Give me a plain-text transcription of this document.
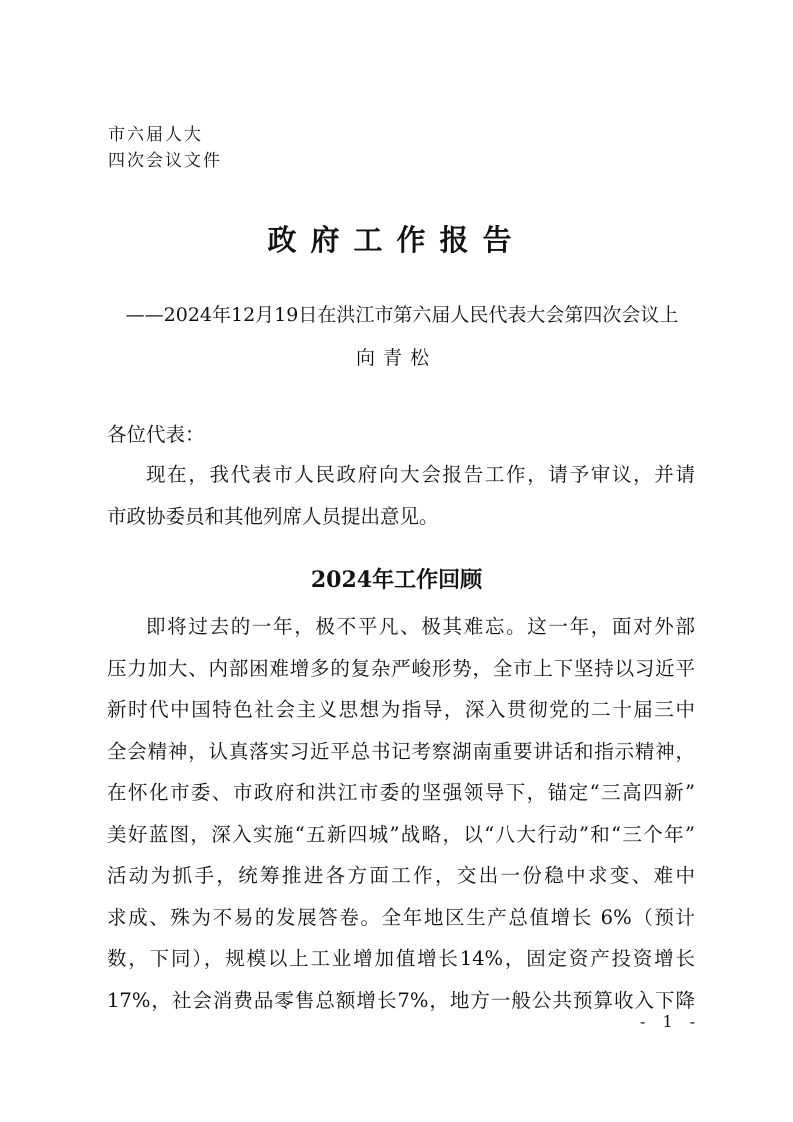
市六届人大
四次会议文件
政府工作报告
——2024年12月19日在洪江市第六届人民代表大会第四次会议上
向青松
各位代表：
现在，我代表市人民政府向大会报告工作，请予审议，并请
市政协委员和其他列席人员提出意见。
2024年工作回顾
即将过去的一年，极不平凡、极其难忘。这一年，面对外部
压力加大、内部困难增多的复杂严峻形势，全市上下坚持以习近平
新时代中国特色社会主义思想为指导，深入贯彻党的二十届三中
全会精神，认真落实习近平总书记考察湖南重要讲话和指示精神，
在怀化市委、市政府和洪江市委的坚强领导下，锚定“三高四新”
美好蓝图，深入实施“五新四城”战略，以“八大行动”和“三个年”
活动为抓手，统筹推进各方面工作，交出一份稳中求变、难中
求成、殊为不易的发展答卷。全年地区生产总值增长 6%（预计
数，下同），规模以上工业增加值增长14%，固定资产投资增长
17%，社会消费品零售总额增长7%，地方一般公共预算收入下降
- 1 -
